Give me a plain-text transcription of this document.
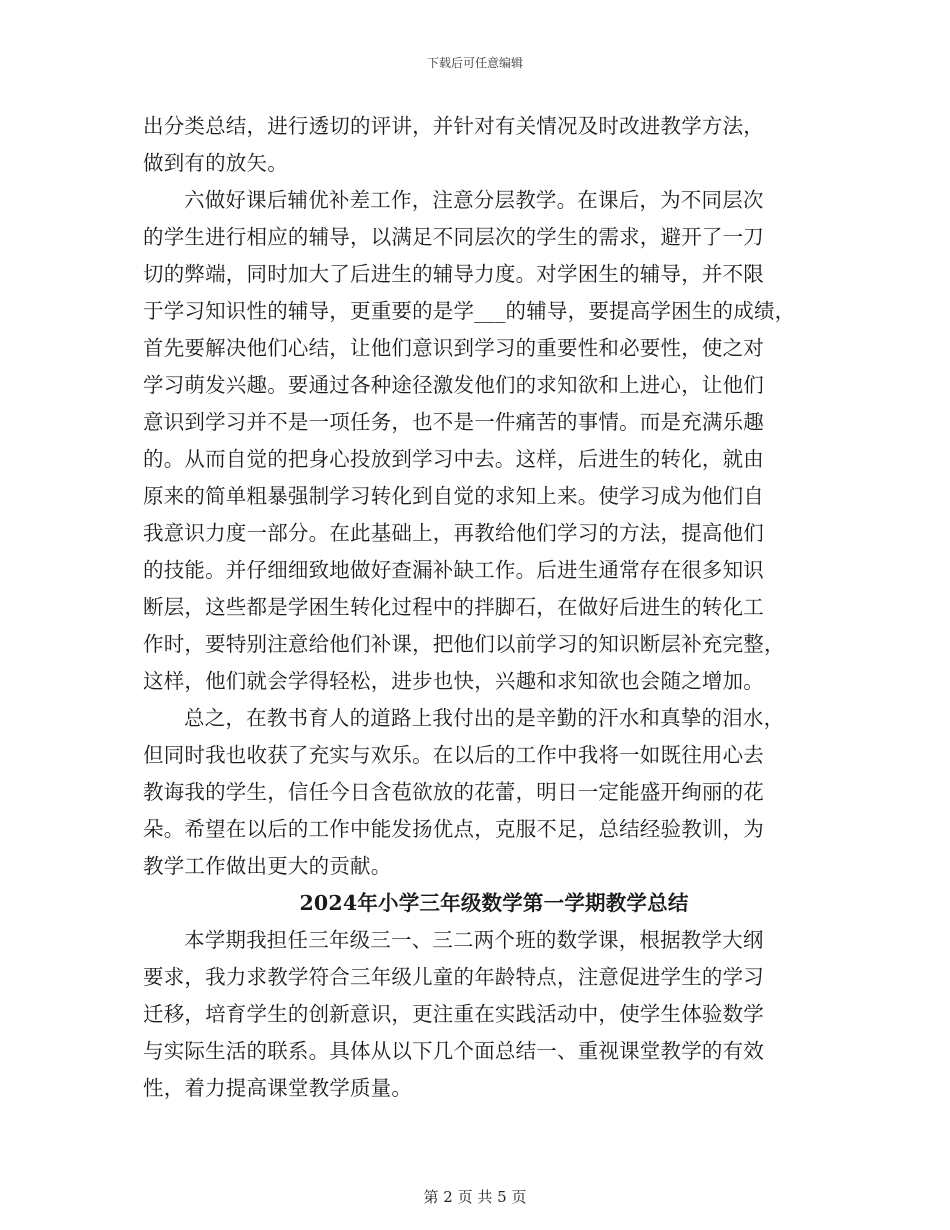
下载后可任意编辑
出分类总结，进行透切的评讲，并针对有关情况及时改进教学方法，
做到有的放矢。
六做好课后辅优补差工作，注意分层教学。在课后，为不同层次
的学生进行相应的辅导，以满足不同层次的学生的需求，避开了一刀
切的弊端，同时加大了后进生的辅导力度。对学困生的辅导，并不限
于学习知识性的辅导，更重要的是学___的辅导，要提高学困生的成绩，
首先要解决他们心结，让他们意识到学习的重要性和必要性，使之对
学习萌发兴趣。要通过各种途径激发他们的求知欲和上进心，让他们
意识到学习并不是一项任务，也不是一件痛苦的事情。而是充满乐趣
的。从而自觉的把身心投放到学习中去。这样，后进生的转化，就由
原来的简单粗暴强制学习转化到自觉的求知上来。使学习成为他们自
我意识力度一部分。在此基础上，再教给他们学习的方法，提高他们
的技能。并仔细细致地做好查漏补缺工作。后进生通常存在很多知识
断层，这些都是学困生转化过程中的拌脚石，在做好后进生的转化工
作时，要特别注意给他们补课，把他们以前学习的知识断层补充完整，
这样，他们就会学得轻松，进步也快，兴趣和求知欲也会随之增加。
总之，在教书育人的道路上我付出的是辛勤的汗水和真挚的泪水，
但同时我也收获了充实与欢乐。在以后的工作中我将一如既往用心去
教诲我的学生，信任今日含苞欲放的花蕾，明日一定能盛开绚丽的花
朵。希望在以后的工作中能发扬优点，克服不足，总结经验教训，为
教学工作做出更大的贡献。
2024年小学三年级数学第一学期教学总结
本学期我担任三年级三一、三二两个班的数学课，根据教学大纲
要求，我力求教学符合三年级儿童的年龄特点，注意促进学生的学习
迁移，培育学生的创新意识，更注重在实践活动中，使学生体验数学
与实际生活的联系。具体从以下几个面总结一、重视课堂教学的有效
性，着力提高课堂教学质量。
第 2 页 共 5 页
